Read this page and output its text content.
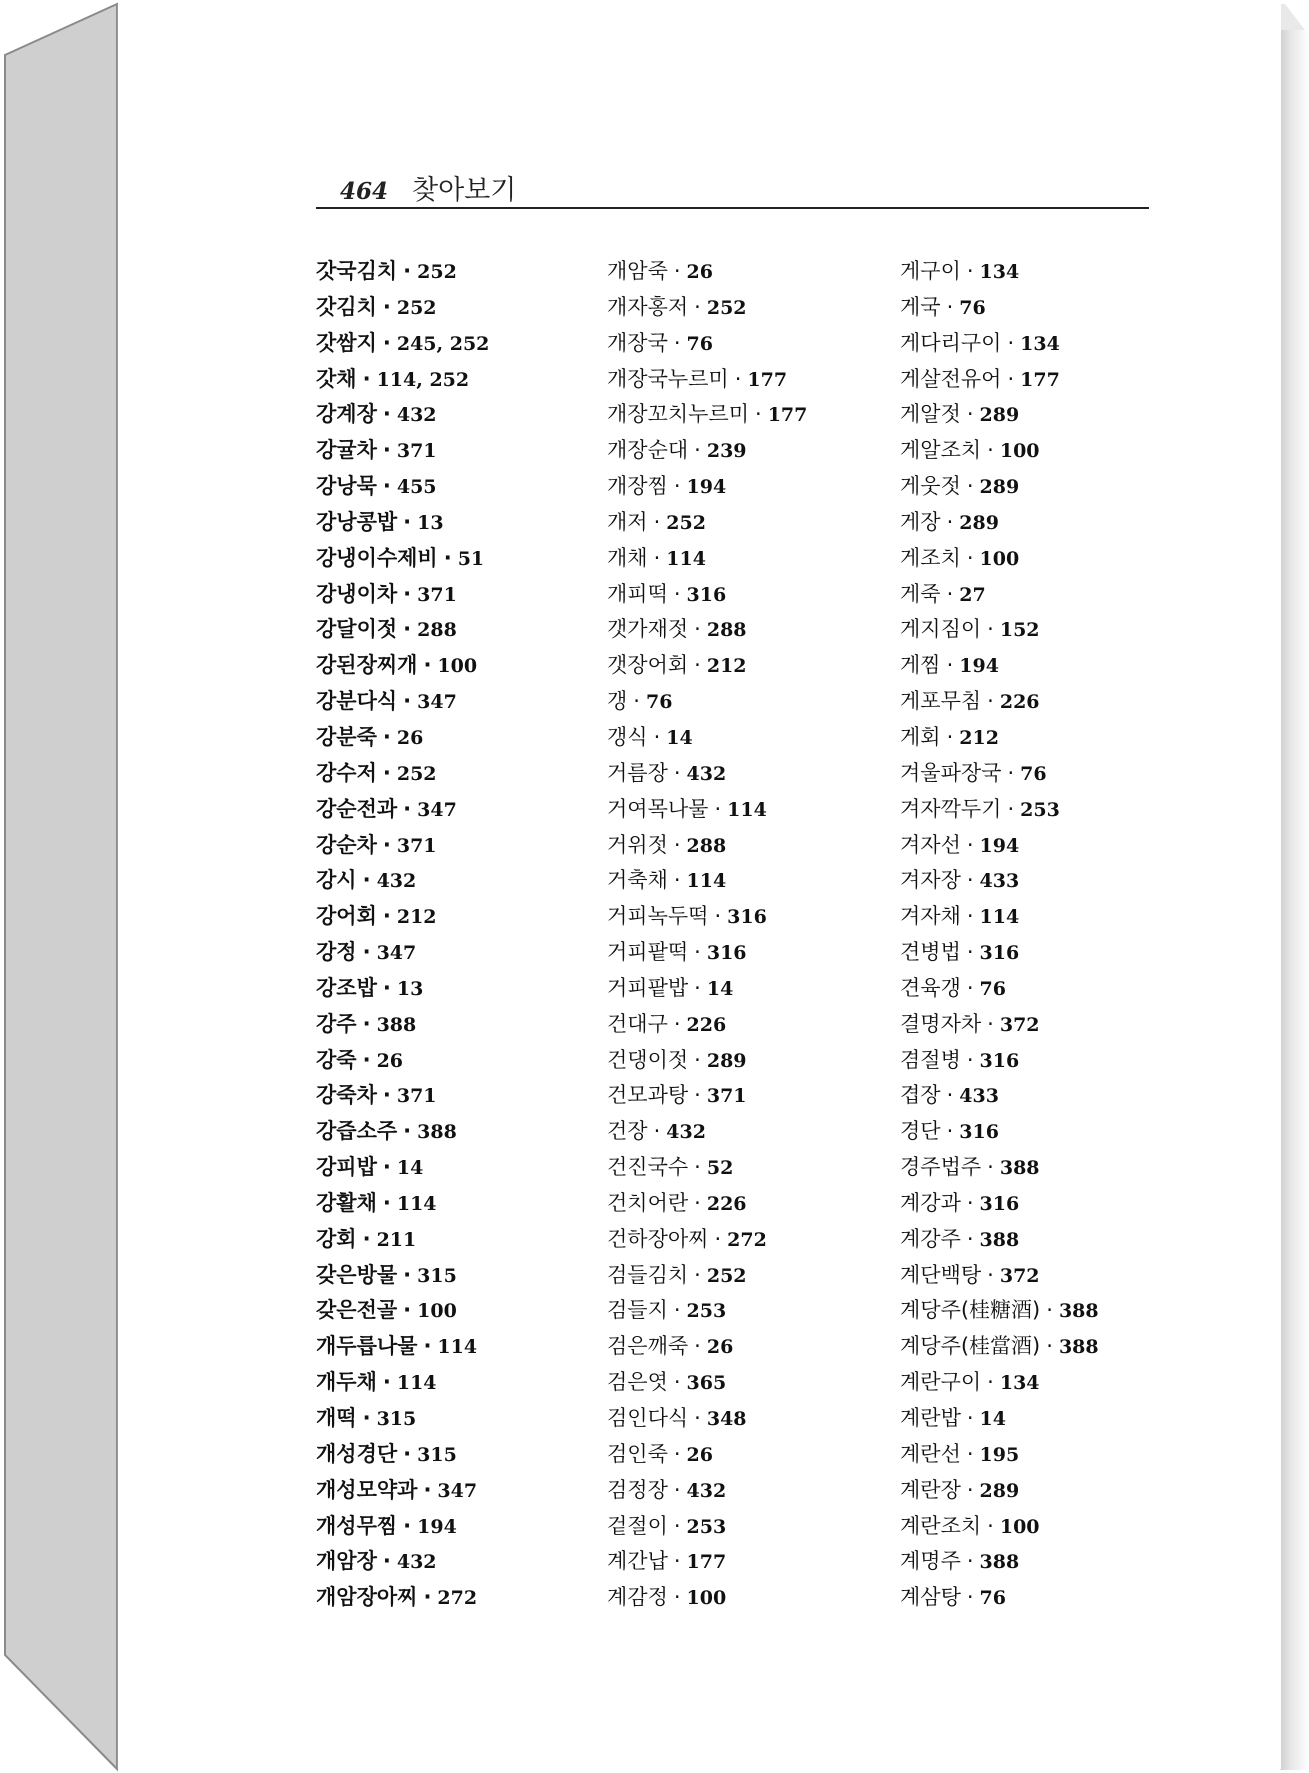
464 찾아보기
갓국김치 · 252
갓김치 · 252
갓쌈지 · 245, 252
갓채 · 114, 252
강계장 · 432
강귤차 · 371
강낭묵 · 455
강낭콩밥 · 13
강냉이수제비 · 51
강냉이차 · 371
강달이젓 · 288
강된장찌개 · 100
강분다식 · 347
강분죽 · 26
강수저 · 252
강순전과 · 347
강순차 · 371
강시 · 432
강어회 · 212
강정 · 347
강조밥 · 13
강주 · 388
강죽 · 26
강죽차 · 371
강즙소주 · 388
강피밥 · 14
강활채 · 114
강회 · 211
갖은방물 · 315
갖은전골 · 100
개두릅나물 · 114
개두채 · 114
개떡 · 315
개성경단 · 315
개성모약과 · 347
개성무찜 · 194
개암장 · 432
개암장아찌 · 272
개암죽 · 26
개자홍저 · 252
개장국 · 76
개장국누르미 · 177
개장꼬치누르미 · 177
개장순대 · 239
개장찜 · 194
개저 · 252
개채 · 114
개피떡 · 316
갯가재젓 · 288
갯장어회 · 212
갱 · 76
갱식 · 14
거름장 · 432
거여목나물 · 114
거위젓 · 288
거축채 · 114
거피녹두떡 · 316
거피팥떡 · 316
거피팥밥 · 14
건대구 · 226
건댕이젓 · 289
건모과탕 · 371
건장 · 432
건진국수 · 52
건치어란 · 226
건하장아찌 · 272
검들김치 · 252
검들지 · 253
검은깨죽 · 26
검은엿 · 365
검인다식 · 348
검인죽 · 26
검정장 · 432
겉절이 · 253
계간납 · 177
계감정 · 100
게구이 · 134
게국 · 76
게다리구이 · 134
게살전유어 · 177
게알젓 · 289
게알조치 · 100
게웃젓 · 289
게장 · 289
게조치 · 100
게죽 · 27
게지짐이 · 152
게찜 · 194
게포무침 · 226
게회 · 212
겨울파장국 · 76
겨자깍두기 · 253
겨자선 · 194
겨자장 · 433
겨자채 · 114
견병법 · 316
견육갱 · 76
결명자차 · 372
겸절병 · 316
겹장 · 433
경단 · 316
경주법주 · 388
계강과 · 316
계강주 · 388
계단백탕 · 372
계당주(桂糖酒) · 388
계당주(桂當酒) · 388
계란구이 · 134
계란밥 · 14
계란선 · 195
계란장 · 289
계란조치 · 100
계명주 · 388
계삼탕 · 76
